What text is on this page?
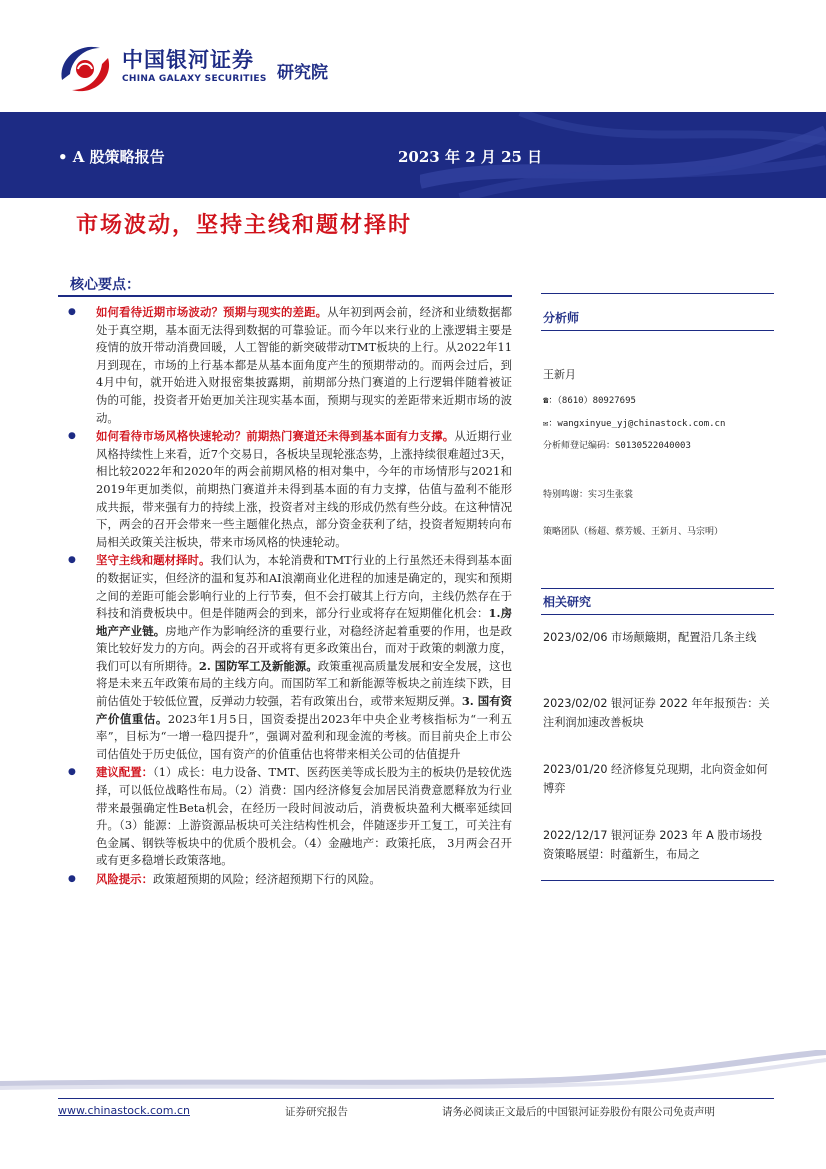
中国银河证券
CHINA GALAXY SECURITIES 研究院
• A 股策略报告	2023 年 2 月 25 日
市场波动，坚持主线和题材择时
核心要点：
● 如何看待近期市场波动？预期与现实的差距。从年初到两会前，经济和业绩数据都处于真空期，基本面无法得到数据的可靠验证。而今年以来行业的上涨逻辑主要是疫情的放开带动消费回暖，人工智能的新突破带动TMT板块的上行。从2022年11月到现在，市场的上行基本都是从基本面角度产生的预期带动的。而两会过后，到4月中旬，就开始进入财报密集披露期，前期部分热门赛道的上行逻辑伴随着被证伪的可能，投资者开始更加关注现实基本面，预期与现实的差距带来近期市场的波动。
● 如何看待市场风格快速轮动？前期热门赛道还未得到基本面有力支撑。从近期行业风格持续性上来看，近7个交易日，各板块呈现轮涨态势，上涨持续很难超过3天，相比较2022年和2020年的两会前期风格的相对集中，今年的市场情形与2021和2019年更加类似，前期热门赛道并未得到基本面的有力支撑，估值与盈利不能形成共振，带来强有力的持续上涨，投资者对主线的形成仍然有些分歧。在这种情况下，两会的召开会带来一些主题催化热点，部分资金获利了结，投资者短期转向布局相关政策关注板块，带来市场风格的快速轮动。
● 坚守主线和题材择时。我们认为，本轮消费和TMT行业的上行虽然还未得到基本面的数据证实，但经济的温和复苏和AI浪潮商业化进程的加速是确定的，现实和预期之间的差距可能会影响行业的上行节奏，但不会打破其上行方向，主线仍然存在于科技和消费板块中。但是伴随两会的到来，部分行业或将存在短期催化机会：1.房地产产业链。房地产作为影响经济的重要行业，对稳经济起着重要的作用，也是政策比较好发力的方向。两会的召开或将有更多政策出台，而对于政策的刺激力度，我们可以有所期待。2. 国防军工及新能源。政策重视高质量发展和安全发展，这也将是未来五年政策布局的主线方向。而国防军工和新能源等板块之前连续下跌，目前估值处于较低位置，反弹动力较强，若有政策出台，或带来短期反弹。3. 国有资产价值重估。2023年1月5日，国资委提出2023年中央企业考核指标为“一利五率”，目标为“一增一稳四提升”，强调对盈利和现金流的考核。而目前央企上市公司估值处于历史低位，国有资产的价值重估也将带来相关公司的估值提升
● 建议配置：（1）成长：电力设备、TMT、医药医美等成长股为主的板块仍是较优选择，可以低位战略性布局。（2）消费：国内经济修复会加居民消费意愿释放为行业带来最强确定性Beta机会，在经历一段时间波动后，消费板块盈利大概率延续回升。（3）能源：上游资源品板块可关注结构性机会，伴随逐步开工复工，可关注有色金属、钢铁等板块中的优质个股机会。（4）金融地产：政策托底， 3月两会召开或有更多稳增长政策落地。
● 风险提示：政策超预期的风险；经济超预期下行的风险。
分析师
王新月
☎：（8610）80927695
✉：wangxinyue_yj@chinastock.com.cn
分析师登记编码：S0130522040003
特别鸣谢：实习生张裳
策略团队（杨超、蔡芳媛、王新月、马宗明）
相关研究
2023/02/06 市场颠簸期，配置沿几条主线
2023/02/02 银河证券 2022 年年报预告：关注利润加速改善板块
2023/01/20 经济修复兑现期，北向资金如何博弈
2022/12/17 银河证券 2023 年 A 股市场投资策略展望：时蕴新生，布局之
www.chinastock.com.cn	证券研究报告	请务必阅读正文最后的中国银河证券股份有限公司免责声明
